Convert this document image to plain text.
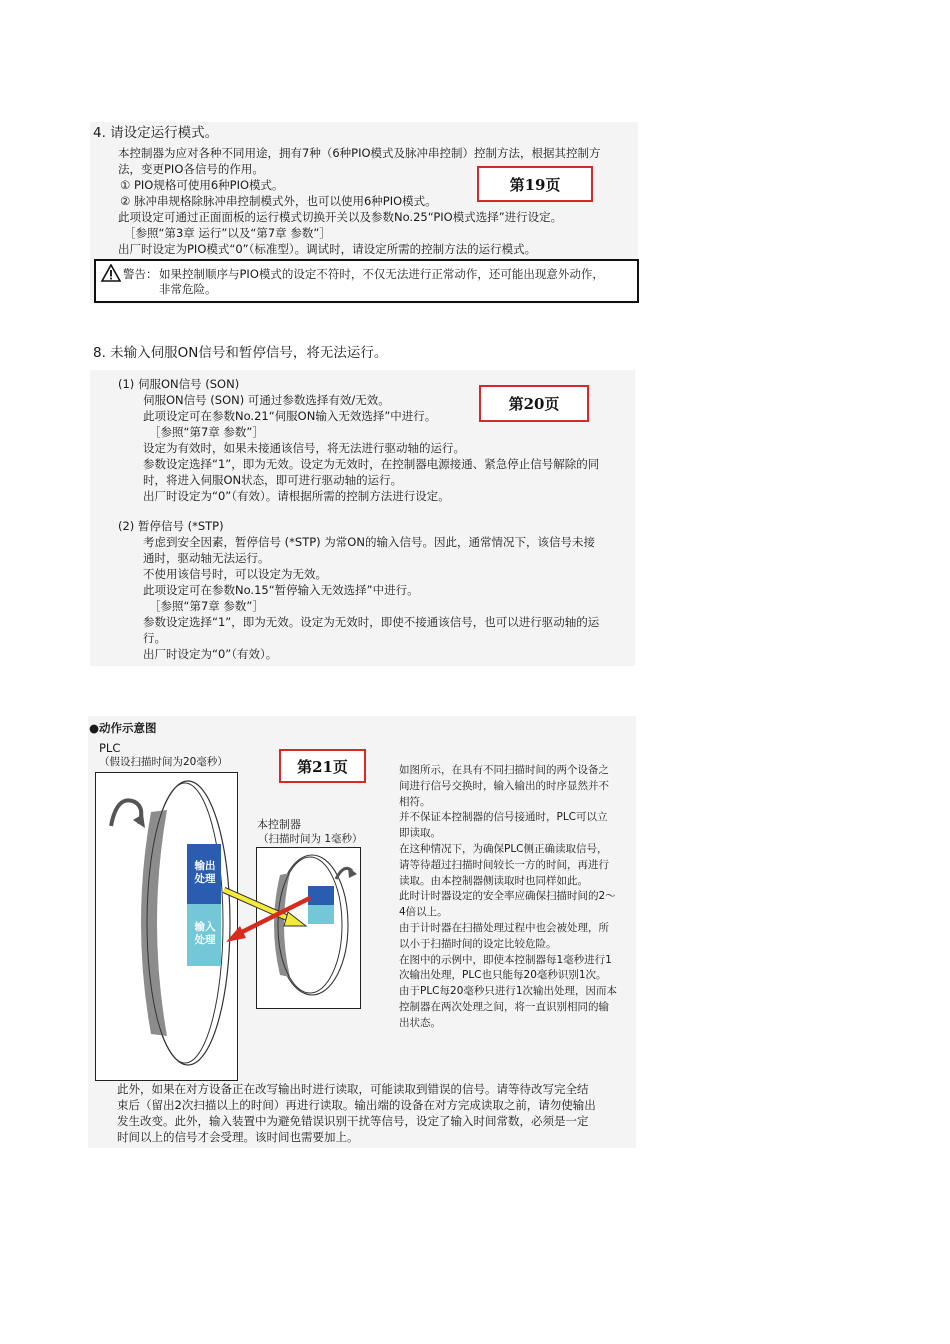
4. 请设定运行模式。
本控制器为应对各种不同用途，拥有7种（6种PIO模式及脉冲串控制）控制方法，根据其控制方
法，变更PIO各信号的作用。
① PIO规格可使用6种PIO模式。
② 脉冲串规格除脉冲串控制模式外，也可以使用6种PIO模式。
此项设定可通过正面面板的运行模式切换开关以及参数No.25“PIO模式选择”进行设定。
［参照“第3章 运行”以及“第7章 参数”］
出厂时设定为PIO模式“0”（标准型）。调试时，请设定所需的控制方法的运行模式。
第19页
警告： 如果控制顺序与PIO模式的设定不符时，不仅无法进行正常动作，还可能出现意外动作，
非常危险。
8. 未输入伺服ON信号和暂停信号，将无法运行。
(1) 伺服ON信号 (SON)
伺服ON信号 (SON) 可通过参数选择有效/无效。
此项设定可在参数No.21“伺服ON输入无效选择”中进行。
［参照“第7章 参数”］
设定为有效时，如果未接通该信号，将无法进行驱动轴的运行。
参数设定选择“1”，即为无效。设定为无效时，在控制器电源接通、紧急停止信号解除的同
时，将进入伺服ON状态，即可进行驱动轴的运行。
出厂时设定为“0”（有效）。请根据所需的控制方法进行设定。
第20页
(2) 暂停信号 (*STP)
考虑到安全因素，暂停信号 (*STP) 为常ON的输入信号。因此，通常情况下，该信号未接
通时，驱动轴无法运行。
不使用该信号时，可以设定为无效。
此项设定可在参数No.15“暂停输入无效选择”中进行。
［参照“第7章 参数”］
参数设定选择“1”，即为无效。设定为无效时，即使不接通该信号，也可以进行驱动轴的运
行。
出厂时设定为“0”（有效）。
●动作示意图
PLC
（假设扫描时间为20毫秒）	第21页
输出
处理
输入
处理
本控制器
（扫描时间为 1毫秒）
如图所示，在具有不同扫描时间的两个设备之
间进行信号交换时，输入输出的时序显然并不
相符。
并不保证本控制器的信号接通时，PLC可以立
即读取。
在这种情况下，为确保PLC侧正确读取信号，
请等待超过扫描时间较长一方的时间，再进行
读取。由本控制器侧读取时也同样如此。
此时计时器设定的安全率应确保扫描时间的2～
4倍以上。
由于计时器在扫描处理过程中也会被处理，所
以小于扫描时间的设定比较危险。
在图中的示例中，即使本控制器每1毫秒进行1
次输出处理，PLC也只能每20毫秒识别1次。
由于PLC每20毫秒只进行1次输出处理，因而本
控制器在两次处理之间，将一直识别相同的输
出状态。
此外，如果在对方设备正在改写输出时进行读取，可能读取到错误的信号。请等待改写完全结
束后（留出2次扫描以上的时间）再进行读取。输出端的设备在对方完成读取之前，请勿使输出
发生改变。此外，输入装置中为避免错误识别干扰等信号，设定了输入时间常数，必须是一定
时间以上的信号才会受理。该时间也需要加上。
